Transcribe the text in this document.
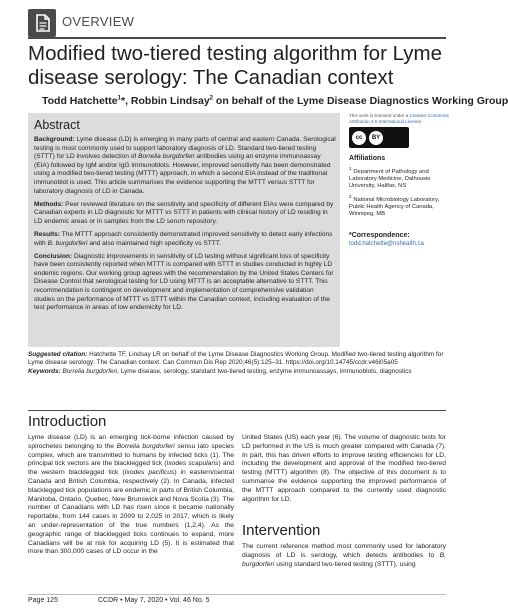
OVERVIEW
Modified two-tiered testing algorithm for Lyme disease serology: The Canadian context
Todd Hatchette$^1$*, Robbin Lindsay$^2$ on behalf of the Lyme Disease Diagnostics Working Group
Abstract

Background: Lyme disease (LD) is emerging in many parts of central and eastern Canada. Serological testing is most commonly used to support laboratory diagnosis of LD. Standard two-tiered testing (STTT) for LD involves detection of Borrelia burgdorferi antibodies using an enzyme immunoassay (EIA) followed by IgM and/or IgG immunoblots. However, improved sensitivity has been demonstrated using a modified two-tiered testing (MTTT) approach, in which a second EIA instead of the traditional immunoblot is used. This article summarises the evidence supporting the MTTT versus STTT for laboratory diagnosis of LD in Canada.

Methods: Peer reviewed literature on the sensitivity and specificity of different EIAs were compared by Canadian experts in LD diagnostic for MTTT vs STTT in patients with clinical history of LD residing in LD endemic areas or in samples from the LD serum repository.

Results: The MTTT approach consistently demonstrated improved sensitivity to detect early infections with B. burgdorferi and also maintained high specificity vs STTT.

Conclusion: Diagnostic improvements in sensitivity of LD testing without significant loss of specificity have been consistently reported when MTTT is compared with STTT in studies conducted in highly LD endemic regions. Our working group agrees with the recommendation by the United States Centers for Disease Control that serological testing for LD using MTTT is an acceptable alternative to STTT. This recommendation is contingent on development and implementation of comprehensive validation studies on the performance of MTTT vs STTT within the Canadian context, including evaluation of the test performance in areas of low endemicity for LD.

This work is licensed under a Creative Commons Attribution 4.0 International License.
cc	BY
Affiliations
$^1$ Department of Pathology and Laboratory Medicine, Dalhousie University, Halifax, NS
$^2$ National Microbiology Laboratory, Public Health Agency of Canada, Winnipeg, MB
*Correspondence:
todd.hatchette@nshealth.ca
Suggested citation: Hatchette TF, Lindsay LR on behalf of the Lyme Disease Diagnostics Working Group. Modified two-tiered testing algorithm for Lyme disease serology: The Canadian context. Can Commun Dis Rep 2020;46(5):125–31. https://doi.org/10.14745/ccdr.v46i05a05
Keywords: Borrelia burgdorferi, Lyme disease, serology, standard two-tiered testing, enzyme immunoassays, immunoblots, diagnostics
Introduction

Lyme disease (LD) is an emerging tick-borne infection caused by spirochetes belonging to the Borrelia burgdorferi sensu lato species complex, which are transmitted to humans by infected ticks (1). The principal tick vectors are the blacklegged tick (Ixodes scapularis) and the western blacklegged tick (Ixodes pacificus) in eastern/central Canada and British Columbia, respectively (2). In Canada, infected blacklegged tick populations are endemic in parts of British Columbia, Manitoba, Ontario, Quebec, New Brunswick and Nova Scotia (3). The number of Canadians with LD has risen since it became nationally reportable, from 144 cases in 2009 to 2,025 in 2017, which is likely an under-representation of the true numbers (1,2,4). As the geographic range of blacklegged ticks continues to expand, more Canadians will be at risk for acquiring LD (5). It is estimated that more than 300,000 cases of LD occur in the

United States (US) each year (6). The volume of diagnostic tests for LD performed in the US is much greater compared with Canada (7). In part, this has driven efforts to improve testing efficiencies for LD, including the development and approval of the modified two-tiered testing (MTTT) algorithm (8). The objective of this document is to summarise the evidence supporting the improved performance of the MTTT approach compared to the currently used diagnostic algorithm for LD.

Intervention

The current reference method most commonly used for laboratory diagnosis of LD is serology, which detects antibodies to B. burgdorferi using standard two-tiered testing (STTT), using

Page 125	CCDR • May 7, 2020 • Vol. 46 No. 5
